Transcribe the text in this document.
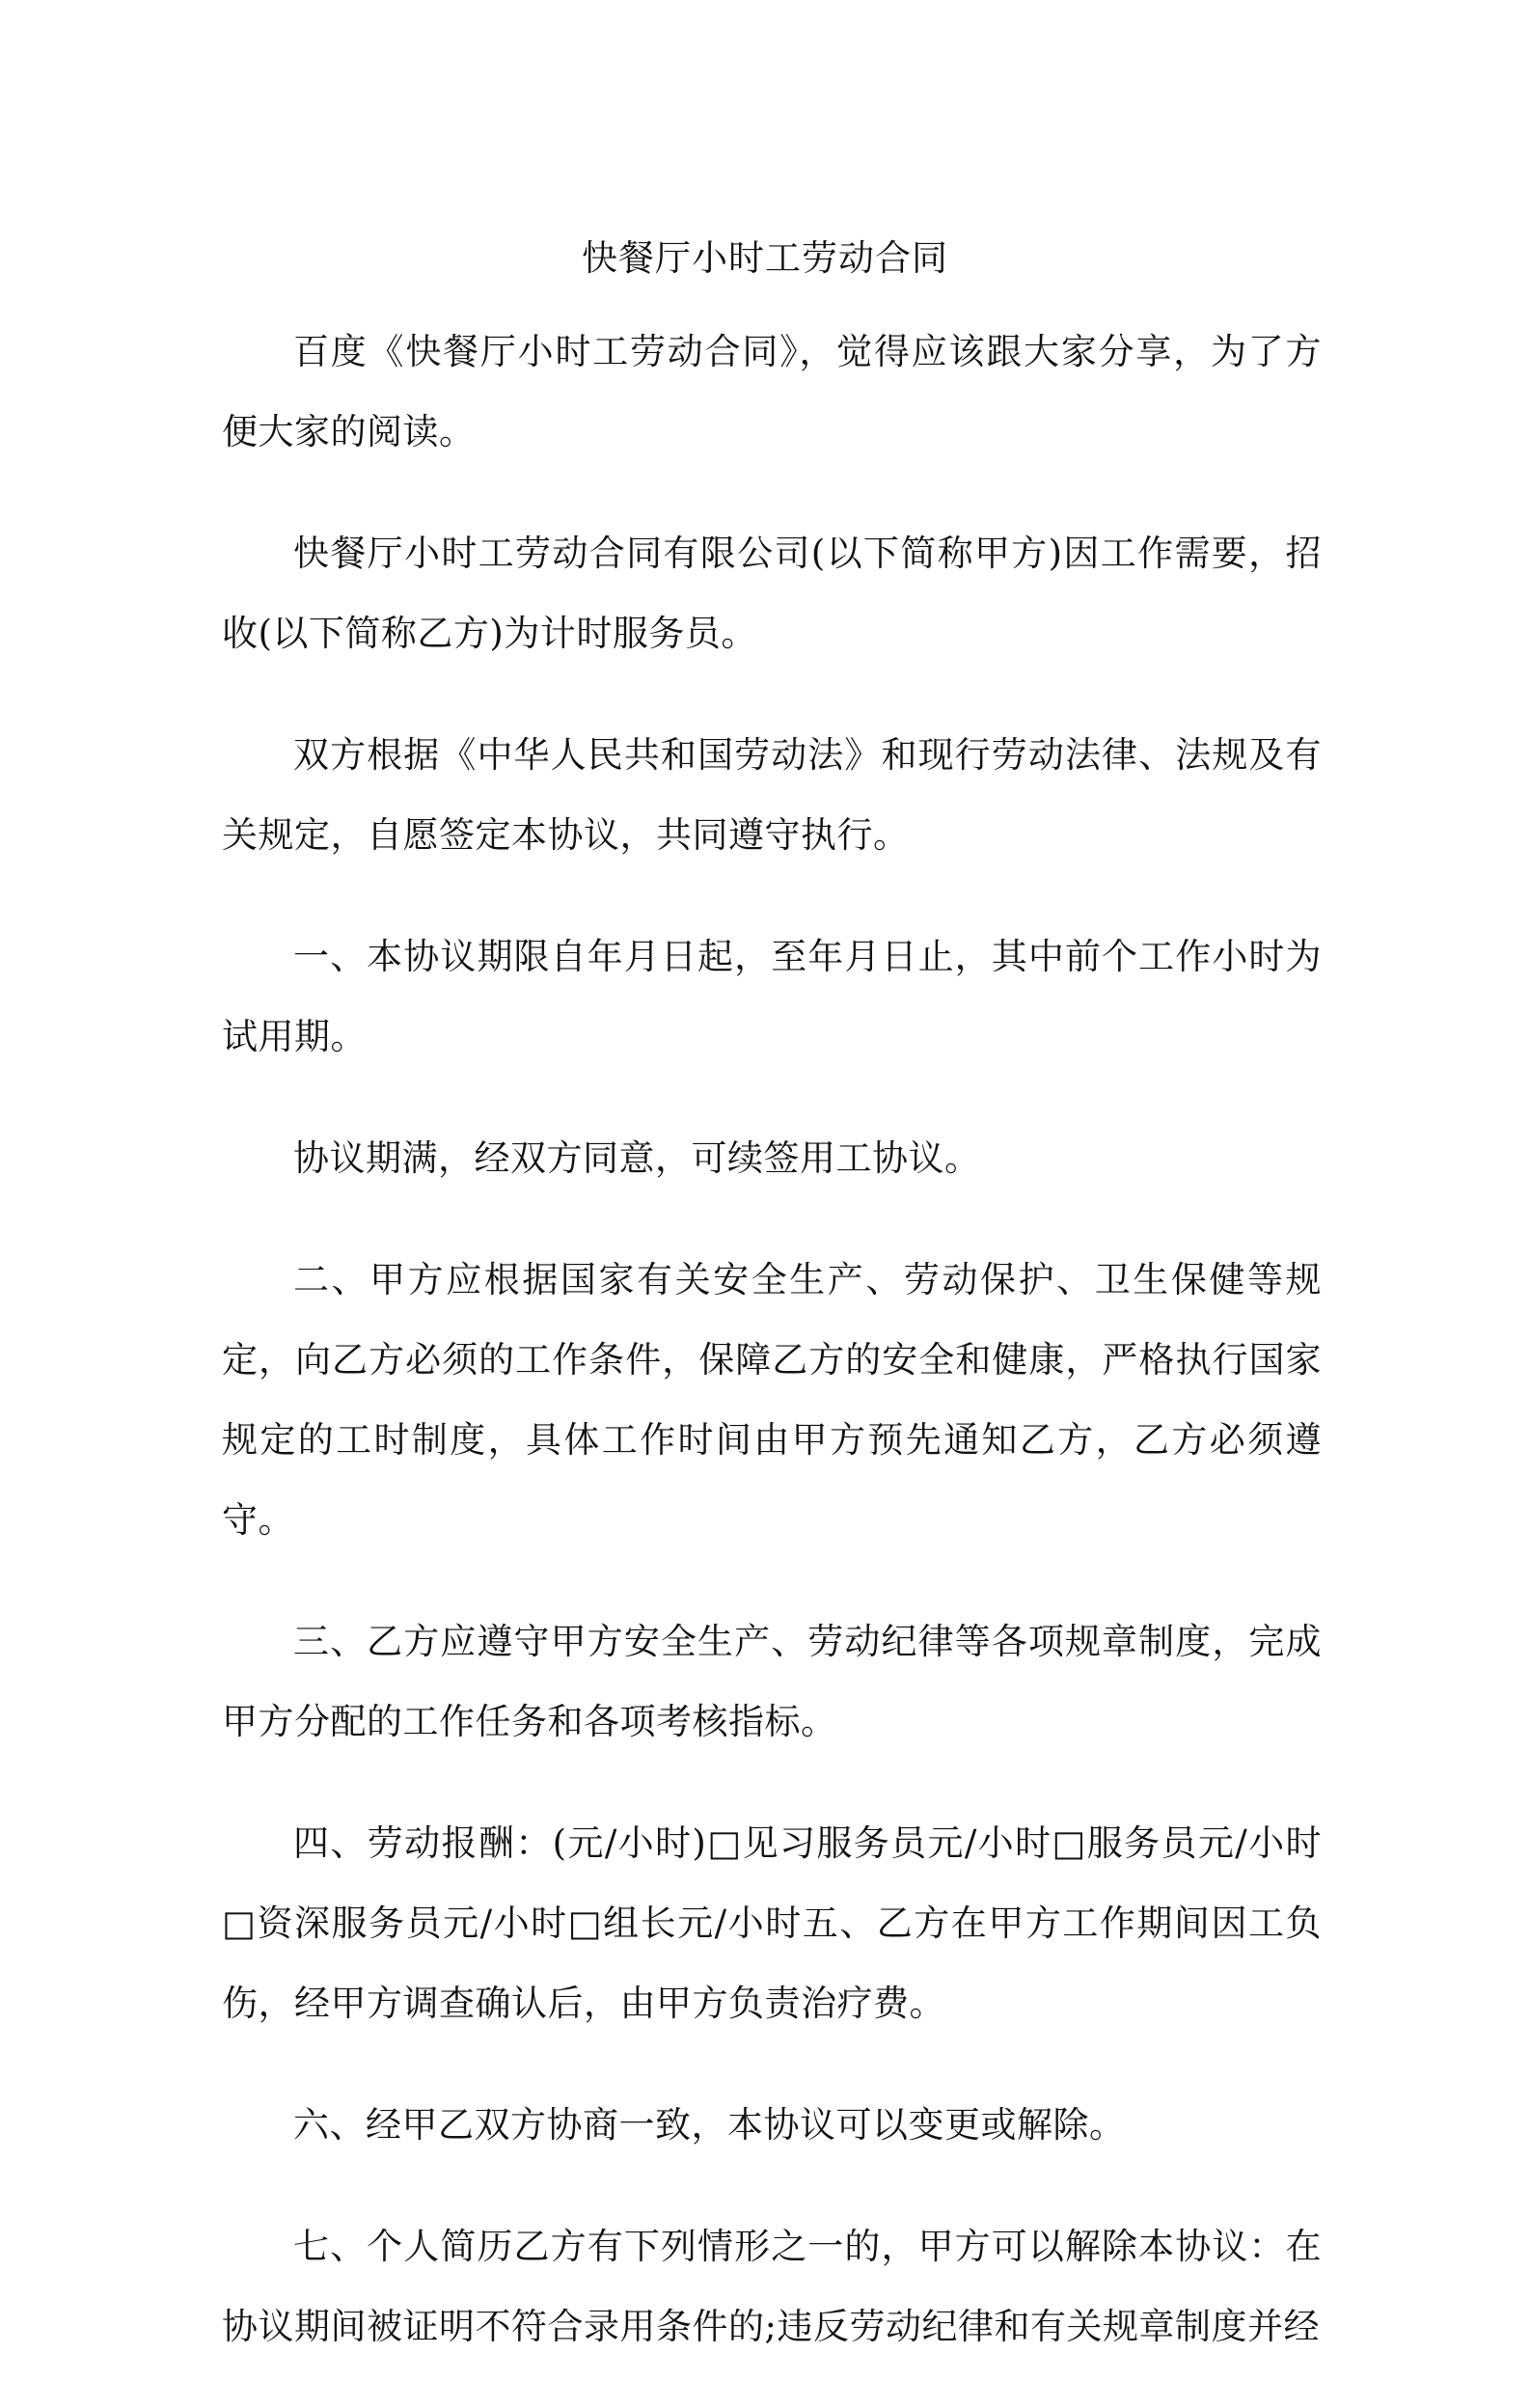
快餐厅小时工劳动合同

百度《快餐厅小时工劳动合同》，觉得应该跟大家分享，为了方便大家的阅读。

快餐厅小时工劳动合同有限公司(以下简称甲方)因工作需要，招收(以下简称乙方)为计时服务员。

双方根据《中华人民共和国劳动法》和现行劳动法律、法规及有关规定，自愿签定本协议，共同遵守执行。

一、本协议期限自年月日起，至年月日止，其中前个工作小时为试用期。

协议期满，经双方同意，可续签用工协议。

二、甲方应根据国家有关安全生产、劳动保护、卫生保健等规定，向乙方必须的工作条件，保障乙方的安全和健康，严格执行国家规定的工时制度，具体工作时间由甲方预先通知乙方，乙方必须遵守。

三、乙方应遵守甲方安全生产、劳动纪律等各项规章制度，完成甲方分配的工作任务和各项考核指标。

四、劳动报酬：(元/小时)□见习服务员元/小时□服务员元/小时□资深服务员元/小时□组长元/小时五、乙方在甲方工作期间因工负伤，经甲方调查确认后，由甲方负责治疗费。

六、经甲乙双方协商一致，本协议可以变更或解除。

七、个人简历乙方有下列情形之一的，甲方可以解除本协议：在协议期间被证明不符合录用条件的;违反劳动纪律和有关规章制度并经
